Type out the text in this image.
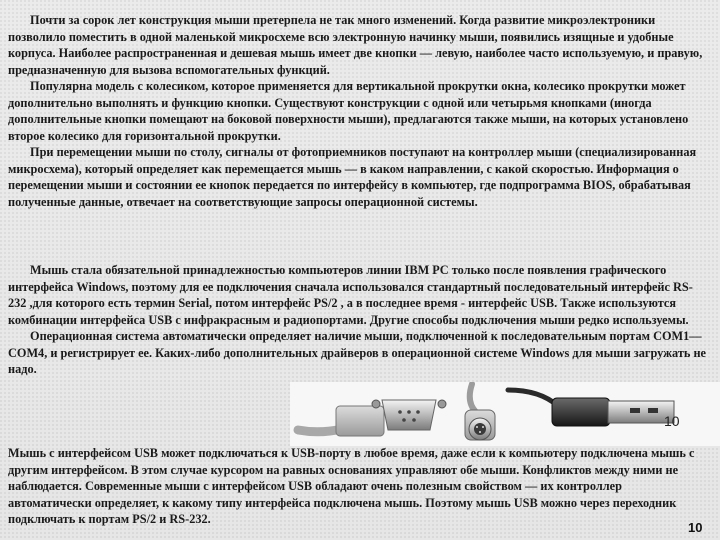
Почти за сорок лет конструкция мыши претерпела не так много изменений. Когда развитие микроэлектроники позволило поместить в одной маленькой микросхеме всю электронную начинку мыши, появились изящные и удобные корпуса. Наиболее распространенная и дешевая мышь имеет две кнопки — левую, наиболее часто используемую, и правую, предназначенную для вызова вспомогательных функций.

Популярна модель с колесиком, которое применяется для вертикальной прокрутки окна, колесико прокрутки может дополнительно выполнять и функцию кнопки. Существуют конструкции с одной или четырьмя кнопками (иногда дополнительные кнопки помещают на боковой поверхности мыши), предлагаются также мыши, на которых установлено второе колесико для горизонтальной прокрутки.

При перемещении мыши по столу, сигналы от фотоприемников поступают на контроллер мыши (специализированная микросхема), который определяет как перемещается мышь — в каком направлении, с какой скоростью. Информация о перемещении мыши и состоянии ее кнопок передается по интерфейсу в компьютер, где подпрограмма BIOS, обрабатывая полученные данные, отвечает на соответствующие запросы операционной системы.

Мышь стала обязательной принадлежностью компьютеров линии IBM PC только после появления графического интерфейса Windows, поэтому для ее подключения сначала использовался стандартный последовательный интерфейс RS-232 ,для которого есть термин Serial, потом интерфейс PS/2 , а в последнее время - интерфейс USB. Также используются комбинации интерфейса USB с инфракрасным и радиопортами. Другие способы подключения мыши редко используемы.

Операционная система автоматически определяет наличие мыши, подключенной к последовательным портам COM1—COM4, и регистрирует ее. Каких-либо дополнительных драйверов в операционной системе Windows для мыши загружать не надо.

10

Мышь с интерфейсом USB может подключаться к USB-порту в любое время, даже если к компьютеру подключена мышь с другим интерфейсом. В этом случае курсором на равных основаниях управляют обе мыши. Конфликтов между ними не наблюдается. Современные мыши с интерфейсом USB обладают очень полезным свойством — их контроллер автоматически определяет, к какому типу интерфейса подключена мышь. Поэтому мышь USB можно через переходник подключать к портам PS/2 и RS-232.

10
